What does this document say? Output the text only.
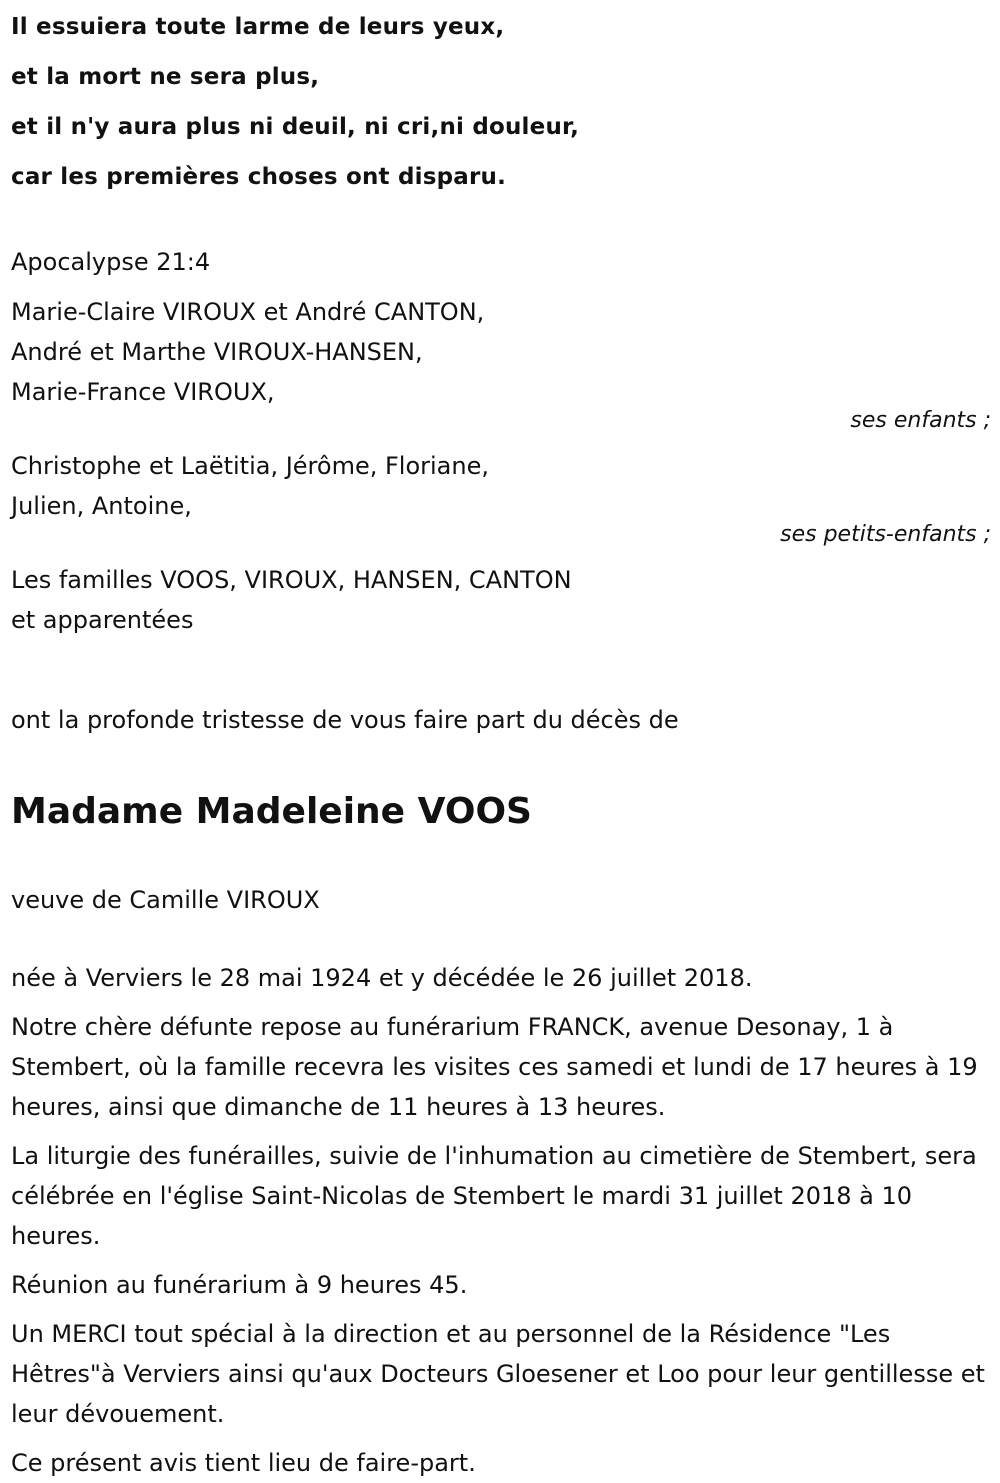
Il essuiera toute larme de leurs yeux,
et la mort ne sera plus,
et il n'y aura plus ni deuil, ni cri,ni douleur,
car les premières choses ont disparu.
Apocalypse 21:4
Marie-Claire VIROUX et André CANTON,
André et Marthe VIROUX-HANSEN,
Marie-France VIROUX,
ses enfants ;
Christophe et Laëtitia, Jérôme, Floriane,
Julien, Antoine,
ses petits-enfants ;
Les familles VOOS, VIROUX, HANSEN, CANTON
et apparentées
ont la profonde tristesse de vous faire part du décès de
Madame Madeleine VOOS
veuve de Camille VIROUX
née à Verviers le 28 mai 1924 et y décédée le 26 juillet 2018.
Notre chère défunte repose au funérarium FRANCK, avenue Desonay, 1 à Stembert, où la famille recevra les visites ces samedi et lundi de 17 heures à 19 heures, ainsi que dimanche de 11 heures à 13 heures.
La liturgie des funérailles, suivie de l'inhumation au cimetière de Stembert, sera célébrée en l'église Saint-Nicolas de Stembert le mardi 31 juillet 2018 à 10 heures.
Réunion au funérarium à 9 heures 45.
Un MERCI tout spécial à la direction et au personnel de la Résidence "Les Hêtres"à Verviers ainsi qu'aux Docteurs Gloesener et Loo pour leur gentillesse et leur dévouement.
Ce présent avis tient lieu de faire-part.
